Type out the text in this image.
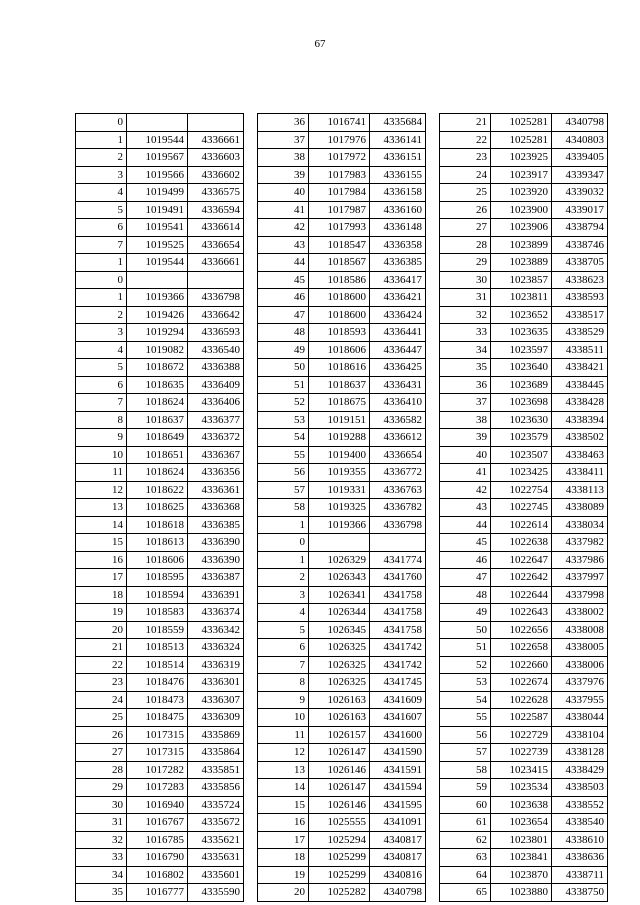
67
0		
1	1019544	4336661
2	1019567	4336603
3	1019566	4336602
4	1019499	4336575
5	1019491	4336594
6	1019541	4336614
7	1019525	4336654
1	1019544	4336661
0		
1	1019366	4336798
2	1019426	4336642
3	1019294	4336593
4	1019082	4336540
5	1018672	4336388
6	1018635	4336409
7	1018624	4336406
8	1018637	4336377
9	1018649	4336372
10	1018651	4336367
11	1018624	4336356
12	1018622	4336361
13	1018625	4336368
14	1018618	4336385
15	1018613	4336390
16	1018606	4336390
17	1018595	4336387
18	1018594	4336391
19	1018583	4336374
20	1018559	4336342
21	1018513	4336324
22	1018514	4336319
23	1018476	4336301
24	1018473	4336307
25	1018475	4336309
26	1017315	4335869
27	1017315	4335864
28	1017282	4335851
29	1017283	4335856
30	1016940	4335724
31	1016767	4335672
32	1016785	4335621
33	1016790	4335631
34	1016802	4335601
35	1016777	4335590
36	1016741	4335684
37	1017976	4336141
38	1017972	4336151
39	1017983	4336155
40	1017984	4336158
41	1017987	4336160
42	1017993	4336148
43	1018547	4336358
44	1018567	4336385
45	1018586	4336417
46	1018600	4336421
47	1018600	4336424
48	1018593	4336441
49	1018606	4336447
50	1018616	4336425
51	1018637	4336431
52	1018675	4336410
53	1019151	4336582
54	1019288	4336612
55	1019400	4336654
56	1019355	4336772
57	1019331	4336763
58	1019325	4336782
1	1019366	4336798
0		
1	1026329	4341774
2	1026343	4341760
3	1026341	4341758
4	1026344	4341758
5	1026345	4341758
6	1026325	4341742
7	1026325	4341742
8	1026325	4341745
9	1026163	4341609
10	1026163	4341607
11	1026157	4341600
12	1026147	4341590
13	1026146	4341591
14	1026147	4341594
15	1026146	4341595
16	1025555	4341091
17	1025294	4340817
18	1025299	4340817
19	1025299	4340816
20	1025282	4340798
21	1025281	4340798
22	1025281	4340803
23	1023925	4339405
24	1023917	4339347
25	1023920	4339032
26	1023900	4339017
27	1023906	4338794
28	1023899	4338746
29	1023889	4338705
30	1023857	4338623
31	1023811	4338593
32	1023652	4338517
33	1023635	4338529
34	1023597	4338511
35	1023640	4338421
36	1023689	4338445
37	1023698	4338428
38	1023630	4338394
39	1023579	4338502
40	1023507	4338463
41	1023425	4338411
42	1022754	4338113
43	1022745	4338089
44	1022614	4338034
45	1022638	4337982
46	1022647	4337986
47	1022642	4337997
48	1022644	4337998
49	1022643	4338002
50	1022656	4338008
51	1022658	4338005
52	1022660	4338006
53	1022674	4337976
54	1022628	4337955
55	1022587	4338044
56	1022729	4338104
57	1022739	4338128
58	1023415	4338429
59	1023534	4338503
60	1023638	4338552
61	1023654	4338540
62	1023801	4338610
63	1023841	4338636
64	1023870	4338711
65	1023880	4338750
